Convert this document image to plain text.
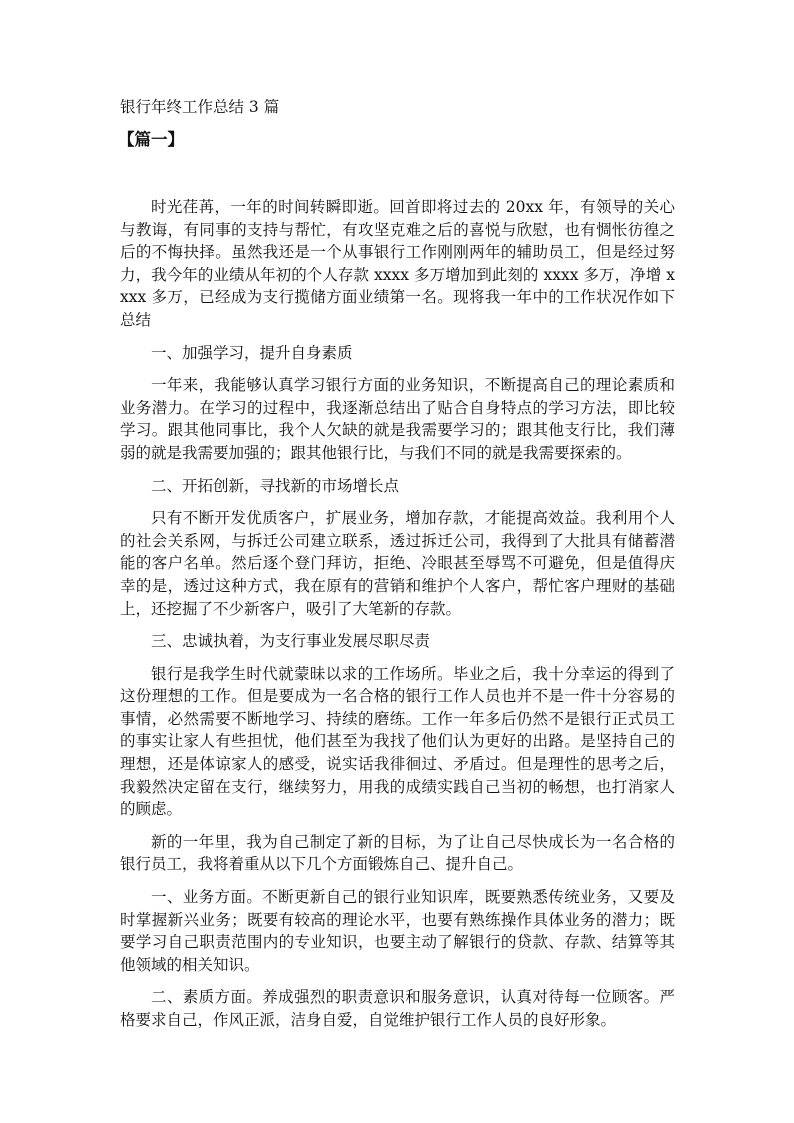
银行年终工作总结 3 篇
【篇一】

时光荏苒，一年的时间转瞬即逝。回首即将过去的 20xx 年，有领导的关心与教诲，有同事的支持与帮忙，有攻坚克难之后的喜悦与欣慰，也有惆怅彷徨之后的不悔抉择。虽然我还是一个从事银行工作刚刚两年的辅助员工，但是经过努力，我今年的业绩从年初的个人存款 xxxx 多万增加到此刻的 xxxx 多万，净增 xxxx 多万，已经成为支行揽储方面业绩第一名。现将我一年中的工作状况作如下总结

一、加强学习，提升自身素质

一年来，我能够认真学习银行方面的业务知识，不断提高自己的理论素质和业务潜力。在学习的过程中，我逐渐总结出了贴合自身特点的学习方法，即比较学习。跟其他同事比，我个人欠缺的就是我需要学习的；跟其他支行比，我们薄弱的就是我需要加强的；跟其他银行比，与我们不同的就是我需要探索的。

二、开拓创新，寻找新的市场增长点

只有不断开发优质客户，扩展业务，增加存款，才能提高效益。我利用个人的社会关系网，与拆迁公司建立联系，透过拆迁公司，我得到了大批具有储蓄潜能的客户名单。然后逐个登门拜访，拒绝、冷眼甚至辱骂不可避免，但是值得庆幸的是，透过这种方式，我在原有的营销和维护个人客户，帮忙客户理财的基础上，还挖掘了不少新客户，吸引了大笔新的存款。

三、忠诚执着，为支行事业发展尽职尽责

银行是我学生时代就蒙昧以求的工作场所。毕业之后，我十分幸运的得到了这份理想的工作。但是要成为一名合格的银行工作人员也并不是一件十分容易的事情，必然需要不断地学习、持续的磨练。工作一年多后仍然不是银行正式员工的事实让家人有些担忧，他们甚至为我找了他们认为更好的出路。是坚持自己的理想，还是体谅家人的感受，说实话我徘徊过、矛盾过。但是理性的思考之后，我毅然决定留在支行，继续努力，用我的成绩实践自己当初的畅想，也打消家人的顾虑。

新的一年里，我为自己制定了新的目标，为了让自己尽快成长为一名合格的银行员工，我将着重从以下几个方面锻炼自己、提升自己。

一、业务方面。不断更新自己的银行业知识库，既要熟悉传统业务，又要及时掌握新兴业务；既要有较高的理论水平，也要有熟练操作具体业务的潜力；既要学习自己职责范围内的专业知识，也要主动了解银行的贷款、存款、结算等其他领域的相关知识。

二、素质方面。养成强烈的职责意识和服务意识，认真对待每一位顾客。严格要求自己，作风正派，洁身自爱，自觉维护银行工作人员的良好形象。
